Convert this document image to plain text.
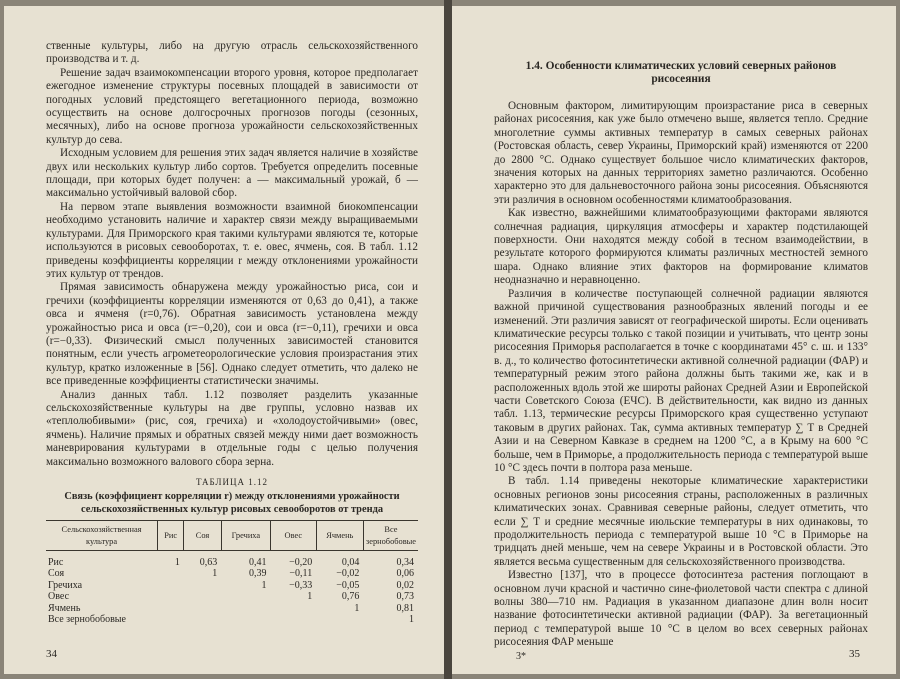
ственные культуры, либо на другую отрасль сельскохозяйственного производства и т. д.

Решение задач взаимокомпенсации второго уровня, которое предполагает ежегодное изменение структуры посевных площадей в зависимости от погодных условий предстоящего вегетационного периода, возможно осуществить на основе долгосрочных прогнозов погоды (сезонных, месячных), либо на основе прогноза урожайности сельскохозяйственных культур до сева.

Исходным условием для решения этих задач является наличие в хозяйстве двух или нескольких культур либо сортов. Требуется определить посевные площади, при которых будет получен: а — максимальный урожай, б — максимально устойчивый валовой сбор.

На первом этапе выявления возможности взаимной биокомпенсации необходимо установить наличие и характер связи между выращиваемыми культурами. Для Приморского края такими культурами являются те, которые используются в рисовых севооборотах, т. е. овес, ячмень, соя. В табл. 1.12 приведены коэффициенты корреляции r между отклонениями урожайности этих культур от трендов.

Прямая зависимость обнаружена между урожайностью риса, сои и гречихи (коэффициенты корреляции изменяются от 0,63 до 0,41), а также овса и ячменя (r=0,76). Обратная зависимость установлена между урожайностью риса и овса (r=−0,20), сои и овса (r=−0,11), гречихи и овса (r=−0,33). Физический смысл полученных зависимостей становится понятным, если учесть агрометеорологические условия произрастания этих культур, кратко изложенные в [56]. Однако следует отметить, что далеко не все приведенные коэффициенты статистически значимы.

Анализ данных табл. 1.12 позволяет разделить указанные сельскохозяйственные культуры на две группы, условно назвав их «теплолюбивыми» (рис, соя, гречиха) и «холодоустойчивыми» (овес, ячмень). Наличие прямых и обратных связей между ними дает возможность маневрирования культурами в отдельные годы с целью получения максимально возможного валового сбора зерна.

ТАБЛИЦА 1.12
Связь (коэффициент корреляции r) между отклонениями урожайности сельскохозяйственных культур рисовых севооборотов от тренда
Сельскохозяйственная культура	Рис	Соя	Гречиха	Овес	Ячмень	Все зернобобовые
Рис	1	0,63	0,41	−0,20	0,04	0,34
Соя		1	0,39	−0,11	−0,02	0,06
Гречиха			1	−0,33	−0,05	0,02
Овес				1	0,76	0,73
Ячмень					1	0,81
Все зернобобовые						1
34
1.4. Особенности климатических условий северных районов рисосеяния

Основным фактором, лимитирующим произрастание риса в северных районах рисосеяния, как уже было отмечено выше, является тепло. Средние многолетние суммы активных температур в самых северных районах (Ростовская область, север Украины, Приморский край) изменяются от 2200 до 2800 °С. Однако существует большое число климатических факторов, значения которых на данных территориях заметно различаются. Особенно характерно это для дальневосточного района зоны рисосеяния. Объясняются эти различия в основном особенностями климатообразования.

Как известно, важнейшими климатообразующими факторами являются солнечная радиация, циркуляция атмосферы и характер подстилающей поверхности. Они находятся между собой в тесном взаимодействии, в результате которого формируются климаты различных местностей земного шара. Однако влияние этих факторов на формирование климатов неодназначно и неравноценно.

Различия в количестве поступающей солнечной радиации являются важной причиной существования разнообразных явлений погоды и ее изменений. Эти различия зависят от географической широты. Если оценивать климатические ресурсы только с такой позиции и учитывать, что центр зоны рисосеяния Приморья располагается в точке с координатами 45° с. ш. и 133° в. д., то количество фотосинтетически активной солнечной радиации (ФАР) и температурный режим этого района должны быть такими же, как и в расположенных вдоль этой же широты районах Средней Азии и Европейской части Советского Союза (ЕЧС). В действительности, как видно из данных табл. 1.13, термические ресурсы Приморского края существенно уступают таковым в других районах. Так, сумма активных температур ∑ T в Средней Азии и на Северном Кавказе в среднем на 1200 °С, а в Крыму на 600 °С больше, чем в Приморье, а продолжительность периода с температурой выше 10 °С здесь почти в полтора раза меньше.

В табл. 1.14 приведены некоторые климатические характеристики основных регионов зоны рисосеяния страны, расположенных в различных климатических зонах. Сравнивая северные районы, следует отметить, что если ∑ T и средние месячные июльские температуры в них одинаковы, то продолжительность периода с температурой выше 10 °С в Приморье на тридцать дней меньше, чем на севере Украины и в Ростовской области. Это является весьма существенным для сельскохозяйственного производства.

Известно [137], что в процессе фотосинтеза растения поглощают в основном лучи красной и частично сине-фиолетовой части спектра с длиной волны 380—710 нм. Радиация в указанном диапазоне длин волн носит название фотосинтетически активной радиации (ФАР). За вегетационный период с температурой выше 10 °С в целом во всех северных районах рисосеяния ФАР меньше

3*	35
